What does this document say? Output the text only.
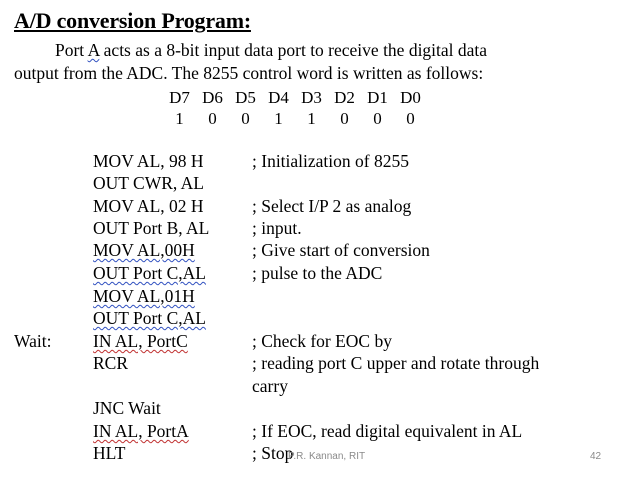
A/D conversion Program:
Port A acts as a 8-bit input data port to receive the digital data
output from the ADC. The 8255 control word is written as follows:
D7 D6 D5 D4 D3 D2 D1 D0
1	0	0	1	1	0	0	0
MOV AL, 98 H	; Initialization of 8255
OUT CWR, AL
MOV AL, 02 H	; Select I/P 2 as analog
OUT Port B, AL ; input.
MOV AL,00H	; Give start of conversion
OUT Port C,AL	; pulse to the ADC
MOV AL,01H
OUT Port C,AL
Wait: IN AL, PortC	; Check for EOC by
RCR	; reading port C upper and rotate through
carry
JNC Wait
IN AL, PortA	; If EOC, read digital equivalent in AL
HLT	; Stop
P.R. Kannan, RIT	42
